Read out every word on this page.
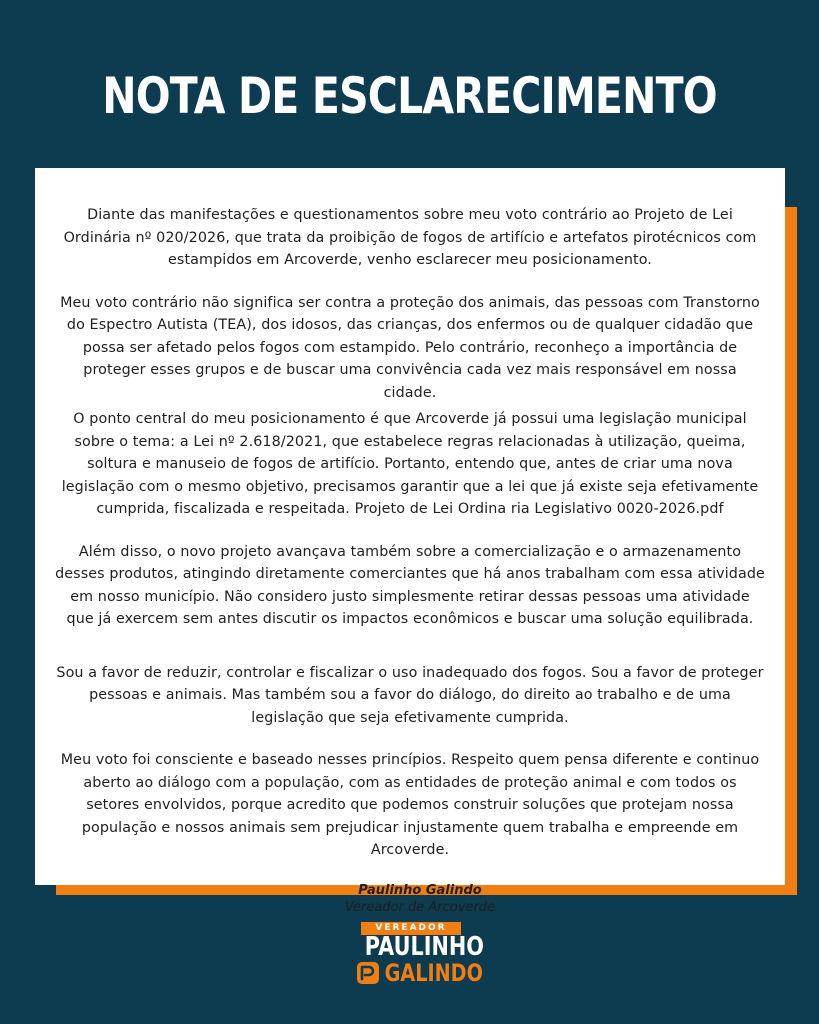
NOTA DE ESCLARECIMENTO

Diante das manifestações e questionamentos sobre meu voto contrário ao Projeto de Lei Ordinária nº 020/2026, que trata da proibição de fogos de artifício e artefatos pirotécnicos com estampidos em Arcoverde, venho esclarecer meu posicionamento.

Meu voto contrário não significa ser contra a proteção dos animais, das pessoas com Transtorno do Espectro Autista (TEA), dos idosos, das crianças, dos enfermos ou de qualquer cidadão que possa ser afetado pelos fogos com estampido. Pelo contrário, reconheço a importância de proteger esses grupos e de buscar uma convivência cada vez mais responsável em nossa cidade.

O ponto central do meu posicionamento é que Arcoverde já possui uma legislação municipal sobre o tema: a Lei nº 2.618/2021, que estabelece regras relacionadas à utilização, queima, soltura e manuseio de fogos de artifício. Portanto, entendo que, antes de criar uma nova legislação com o mesmo objetivo, precisamos garantir que a lei que já existe seja efetivamente cumprida, fiscalizada e respeitada. Projeto de Lei Ordina ria Legislativo 0020-2026.pdf

Além disso, o novo projeto avançava também sobre a comercialização e o armazenamento desses produtos, atingindo diretamente comerciantes que há anos trabalham com essa atividade em nosso município. Não considero justo simplesmente retirar dessas pessoas uma atividade que já exercem sem antes discutir os impactos econômicos e buscar uma solução equilibrada.

Sou a favor de reduzir, controlar e fiscalizar o uso inadequado dos fogos. Sou a favor de proteger pessoas e animais. Mas também sou a favor do diálogo, do direito ao trabalho e de uma legislação que seja efetivamente cumprida.

Meu voto foi consciente e baseado nesses princípios. Respeito quem pensa diferente e continuo aberto ao diálogo com a população, com as entidades de proteção animal e com todos os setores envolvidos, porque acredito que podemos construir soluções que protejam nossa população e nossos animais sem prejudicar injustamente quem trabalha e empreende em Arcoverde.

Paulinho Galindo
Vereador de Arcoverde
VEREADOR
PAULINHO
GALINDO
